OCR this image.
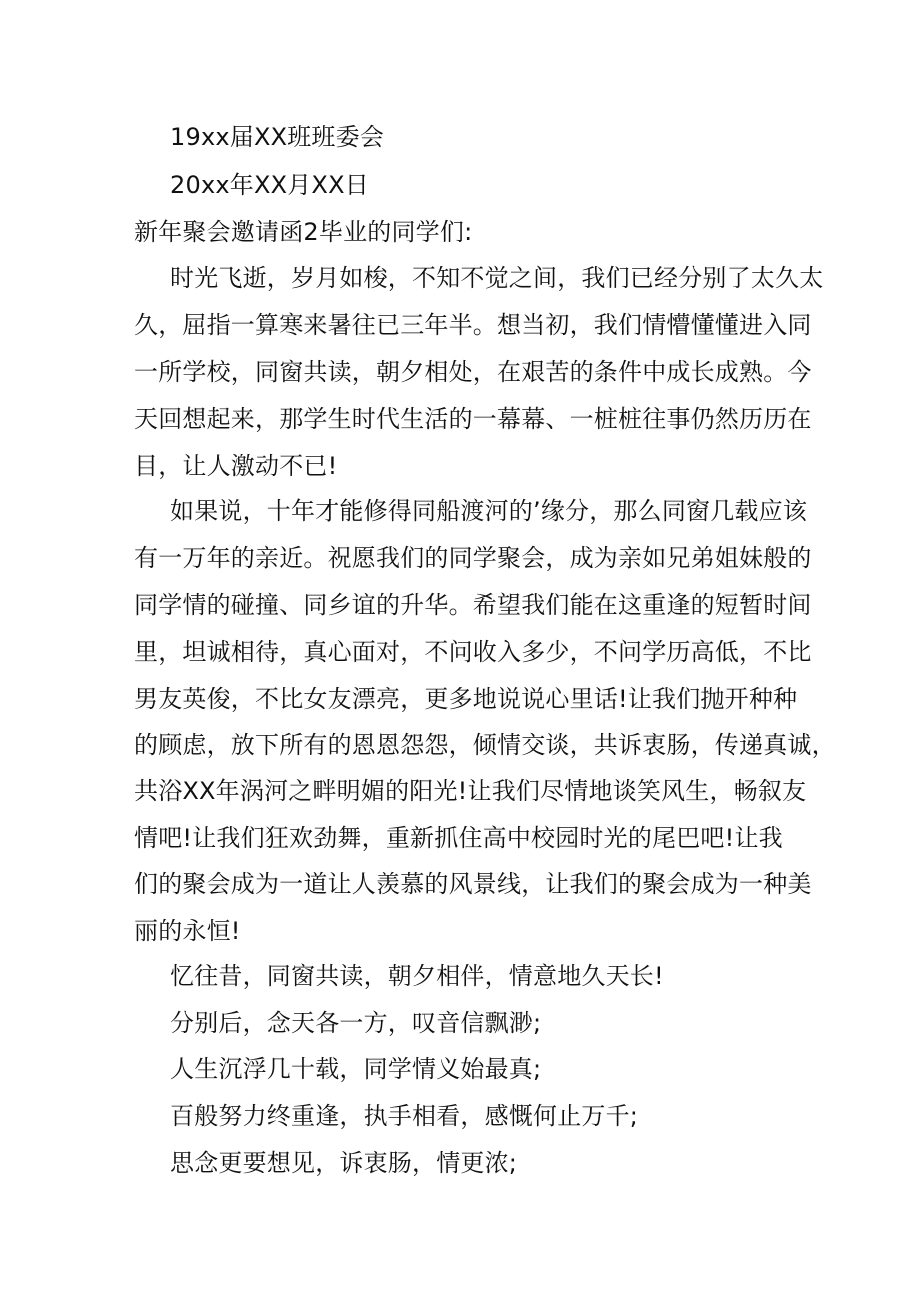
19xx届XX班班委会
20xx年XX月XX日
新年聚会邀请函2毕业的同学们:
时光飞逝，岁月如梭，不知不觉之间，我们已经分别了太久太
久，屈指一算寒来暑往已三年半。想当初，我们情懵懂懂进入同
一所学校，同窗共读，朝夕相处，在艰苦的条件中成长成熟。今
天回想起来，那学生时代生活的一幕幕、一桩桩往事仍然历历在
目，让人激动不已!
如果说，十年才能修得同船渡河的’缘分，那么同窗几载应该
有一万年的亲近。祝愿我们的同学聚会，成为亲如兄弟姐妹般的
同学情的碰撞、同乡谊的升华。希望我们能在这重逢的短暂时间
里，坦诚相待，真心面对，不问收入多少，不问学历高低，不比
男友英俊，不比女友漂亮，更多地说说心里话!让我们抛开种种
的顾虑，放下所有的恩恩怨怨，倾情交谈，共诉衷肠，传递真诚，
共浴XX年涡河之畔明媚的阳光!让我们尽情地谈笑风生，畅叙友
情吧!让我们狂欢劲舞，重新抓住高中校园时光的尾巴吧!让我
们的聚会成为一道让人羡慕的风景线，让我们的聚会成为一种美
丽的永恒!
忆往昔，同窗共读，朝夕相伴，情意地久天长!
分别后，念天各一方，叹音信飘渺;
人生沉浮几十载，同学情义始最真;
百般努力终重逢，执手相看，感慨何止万千;
思念更要想见，诉衷肠，情更浓;
